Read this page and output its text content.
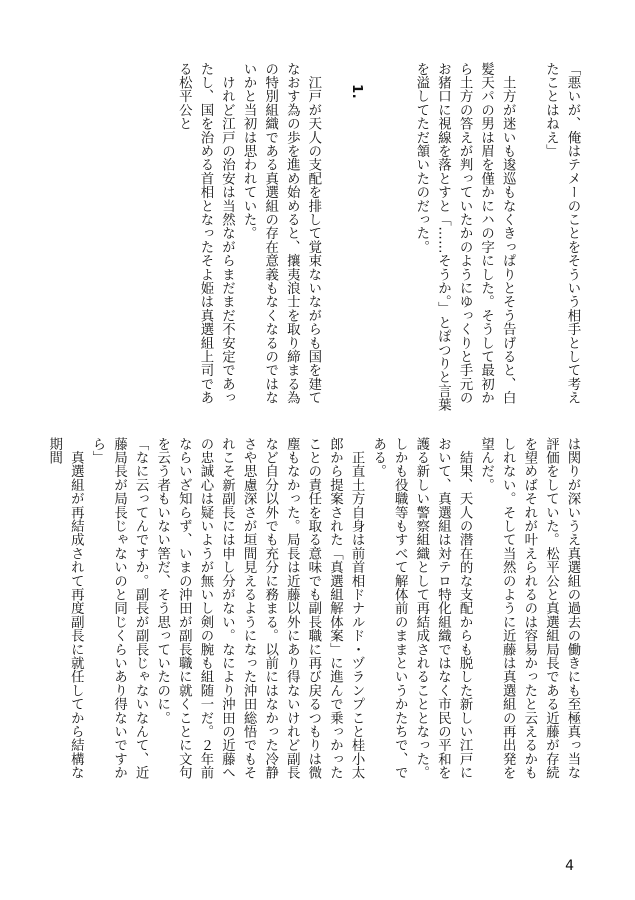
「悪いが、俺はテメーのことをそういう相手として考えたことはねえ」

　土方が迷いも逡巡もなくきっぱりとそう告げると、白髪天パの男は眉を僅かにハの字にした。そうして最初から土方の答えが判っていたかのようにゆっくりと手元のお猪口に視線を落とすと「……そうか。」とぽつりと言葉を溢してただ頷いたのだった。

1.

　江戸が天人の支配を排して覚束ないながらも国を建てなおす為の歩を進め始めると、攘夷浪士を取り締まる為の特別組織である真選組の存在意義もなくなるのではないかと当初は思われていた。

　けれど江戸の治安は当然ながらまだまだ不安定であったし、国を治める首相となったそよ姫は真選組上司である松平公と

は関りが深いうえ真選組の過去の働きにも至極真っ当な評価をしていた。松平公と真選組局長である近藤が存続を望めばそれが叶えられるのは容易かったと云えるかもしれない。そして当然のように近藤は真選組の再出発を望んだ。

　結果、天人の潜在的な支配からも脱した新しい江戸において、真選組は対テロ特化組織ではなく市民の平和を護る新しい警察組織として再結成されることとなった。しかも役職等もすべて解体前のままというかたちで、である。

　正直土方自身は前首相ドナルド・ヅランプこと桂小太郎から提案された「真選組解体案」に進んで乗っかったことの責任を取る意味でも副長職に再び戻るつもりは微塵もなかった。局長は近藤以外にあり得ないけれど副長など自分以外でも充分に務まる。以前にはなかった冷静さや思慮深さが垣間見えるようになった沖田総悟でもそれこそ新副長には申し分がない。なにより沖田の近藤への忠誠心は疑いようが無いし剣の腕も組随一だ。２年前ならいざ知らず、いまの沖田が副長職に就くことに文句を云う者もいない筈だ、そう思っていたのに。

「なに云ってんですか。副長が副長じゃないなんて、近藤局長が局長じゃないのと同じくらいあり得ないですから」

　真選組が再結成されて再度副長に就任してから結構な期間

4
